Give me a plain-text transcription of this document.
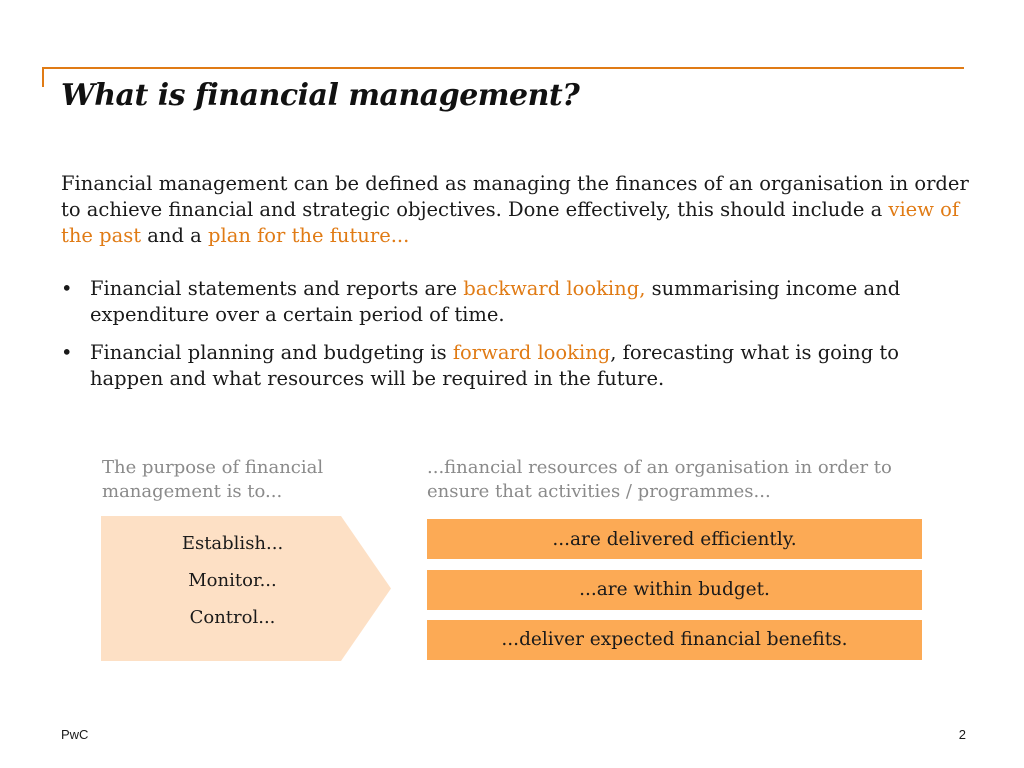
What is financial management?

Financial management can be defined as managing the finances of an organisation in order to achieve financial and strategic objectives. Done effectively, this should include a view of the past and a plan for the future...

• Financial statements and reports are backward looking, summarising income and expenditure over a certain period of time.
• Financial planning and budgeting is forward looking, forecasting what is going to happen and what resources will be required in the future.

The purpose of financial management is to...

...financial resources of an organisation in order to ensure that activities / programmes...

Establish...
Monitor...
Control...
...are delivered efficiently.
...are within budget.
...deliver expected financial benefits.
PwC	2
